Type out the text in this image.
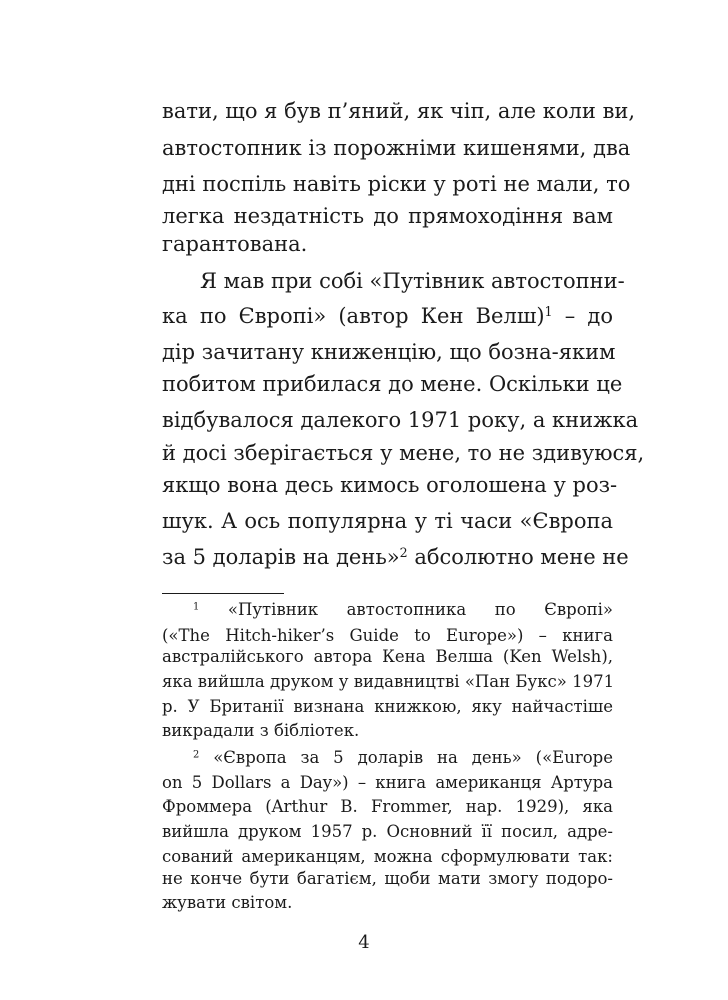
вати, що я був п’яний, як чіп, але коли ви,
автостопник із порожніми кишенями, два
дні поспіль навіть ріски у роті не мали, то
легка нездатність до прямоходіння вам
гарантована.
Я мав при собі «Путівник автостопни-
ка по Європі» (автор Кен Велш)$^1$ – до
дір зачитану книженцію, що бозна-яким
побитом прибилася до мене. Оскільки це
відбувалося далекого 1971 року, а книжка
й досі зберігається у мене, то не здивуюся,
якщо вона десь кимось оголошена у роз-
шук. А ось популярна у ті часи «Європа
за 5 доларів на день»$^2$ абсолютно мене не
$^1$ «Путівник автостопника по Європі»
(«The Hitch-hiker’s Guide to Europe») – книга
австралійського автора Кена Велша (Ken Welsh),
яка вийшла друком у видавництві «Пан Букс» 1971
р. У Британії визнана книжкою, яку найчастіше
викрадали з бібліотек.
$^2$ «Європа за 5 доларів на день» («Europe
on 5 Dollars a Day») – книга американця Артура
Фроммера (Arthur B. Frommer, нар. 1929), яка
вийшла друком 1957 р. Основний її посил, адре-
сований американцям, можна сформулювати так:
не конче бути багатієм, щоби мати змогу подоро-
жувати світом.
4
